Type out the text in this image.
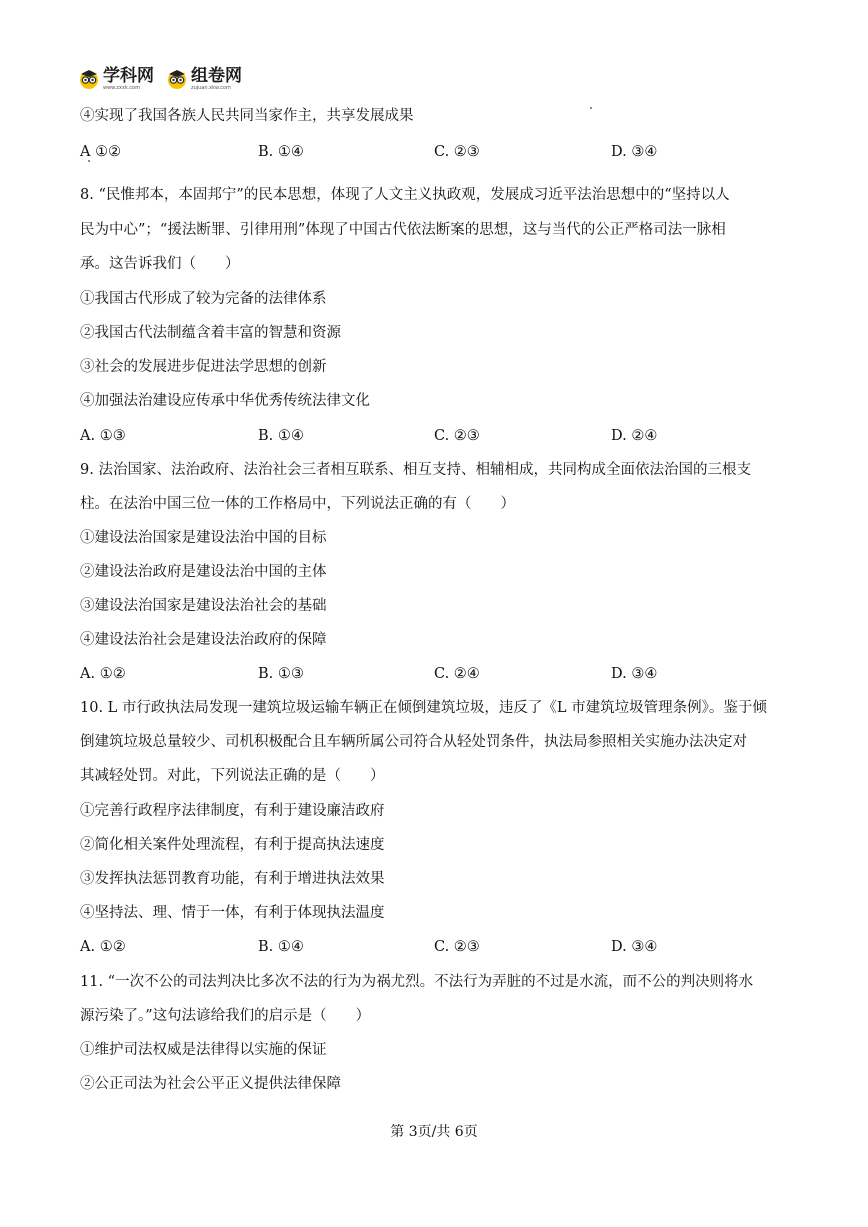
学科网
www.zxxk.com
组卷网
zujuan.xkw.com
④实现了我国各族人民共同当家作主，共享发展成果
A ①②	B. ①④	C. ②③	D. ③④
8. “民惟邦本，本固邦宁”的民本思想，体现了人文主义执政观，发展成习近平法治思想中的“坚持以人
民为中心”；“援法断罪、引律用刑”体现了中国古代依法断案的思想，这与当代的公正严格司法一脉相
承。这告诉我们（　　）
①我国古代形成了较为完备的法律体系
②我国古代法制蕴含着丰富的智慧和资源
③社会的发展进步促进法学思想的创新
④加强法治建设应传承中华优秀传统法律文化
A. ①③	B. ①④	C. ②③	D. ②④
9. 法治国家、法治政府、法治社会三者相互联系、相互支持、相辅相成，共同构成全面依法治国的三根支
柱。在法治中国三位一体的工作格局中，下列说法正确的有（　　）
①建设法治国家是建设法治中国的目标
②建设法治政府是建设法治中国的主体
③建设法治国家是建设法治社会的基础
④建设法治社会是建设法治政府的保障
A. ①②	B. ①③	C. ②④	D. ③④
10. L 市行政执法局发现一建筑垃圾运输车辆正在倾倒建筑垃圾，违反了《L 市建筑垃圾管理条例》。鉴于倾
倒建筑垃圾总量较少、司机积极配合且车辆所属公司符合从轻处罚条件，执法局参照相关实施办法决定对
其减轻处罚。对此，下列说法正确的是（　　）
①完善行政程序法律制度，有利于建设廉洁政府
②简化相关案件处理流程，有利于提高执法速度
③发挥执法惩罚教育功能，有利于增进执法效果
④坚持法、理、情于一体，有利于体现执法温度
A. ①②	B. ①④	C. ②③	D. ③④
11. “一次不公的司法判决比多次不法的行为为祸尤烈。不法行为弄脏的不过是水流，而不公的判决则将水
源污染了。”这句法谚给我们的启示是（　　）
①维护司法权威是法律得以实施的保证
②公正司法为社会公平正义提供法律保障
第 3页/共 6页
